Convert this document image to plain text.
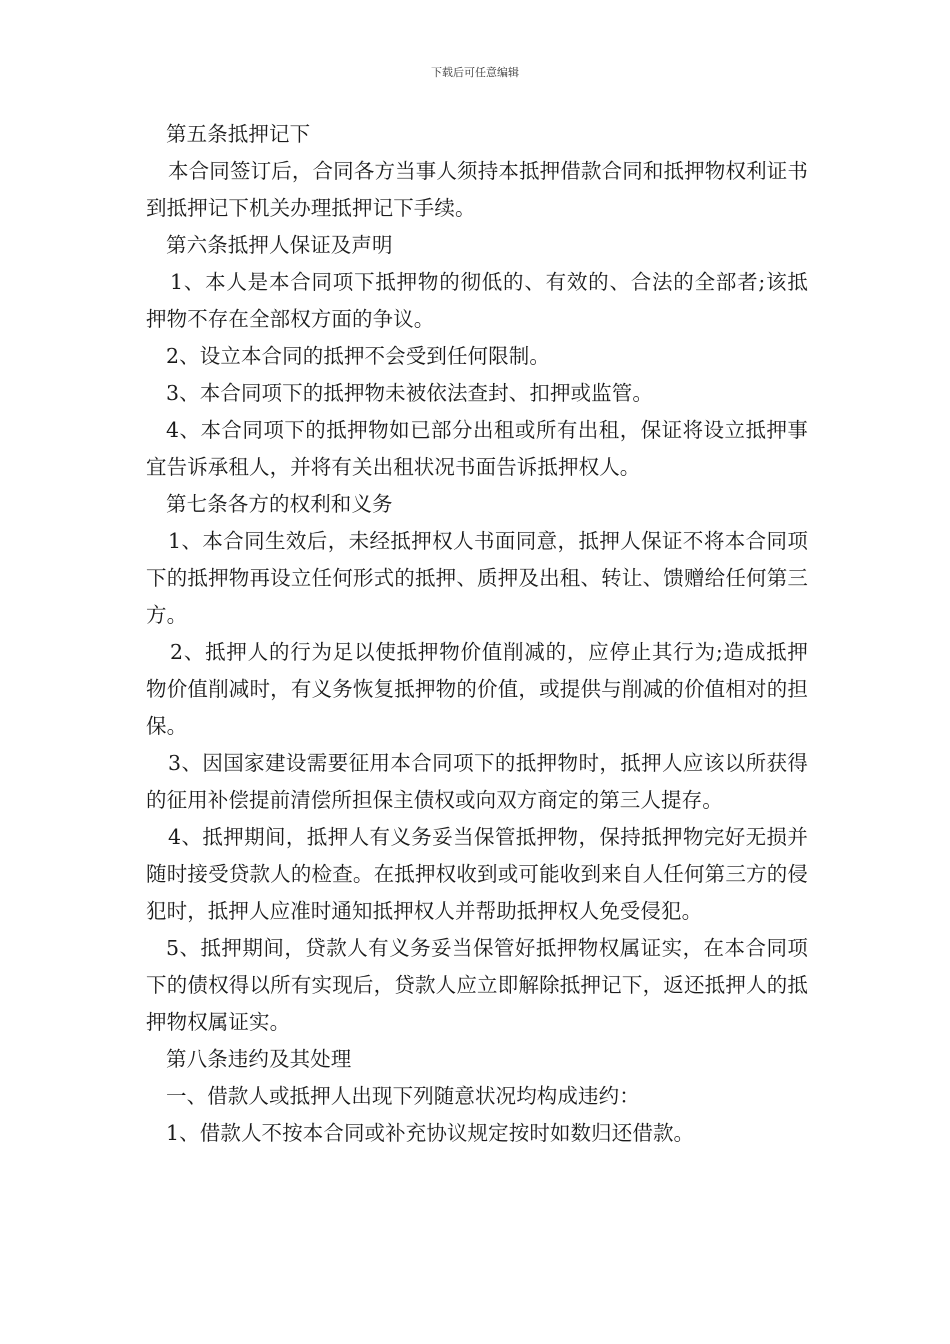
下载后可任意编辑

第五条抵押记下

本合同签订后，合同各方当事人须持本抵押借款合同和抵押物权利证书到抵押记下机关办理抵押记下手续。

第六条抵押人保证及声明

1、本人是本合同项下抵押物的彻低的、有效的、合法的全部者;该抵押物不存在全部权方面的争议。

2、设立本合同的抵押不会受到任何限制。

3、本合同项下的抵押物未被依法查封、扣押或监管。

4、本合同项下的抵押物如已部分出租或所有出租，保证将设立抵押事宜告诉承租人，并将有关出租状况书面告诉抵押权人。

第七条各方的权利和义务

1、本合同生效后，未经抵押权人书面同意，抵押人保证不将本合同项下的抵押物再设立任何形式的抵押、质押及出租、转让、馈赠给任何第三方。

2、抵押人的行为足以使抵押物价值削减的，应停止其行为;造成抵押物价值削减时，有义务恢复抵押物的价值，或提供与削减的价值相对的担保。

3、因国家建设需要征用本合同项下的抵押物时，抵押人应该以所获得的征用补偿提前清偿所担保主债权或向双方商定的第三人提存。

4、抵押期间，抵押人有义务妥当保管抵押物，保持抵押物完好无损并随时接受贷款人的检查。在抵押权收到或可能收到来自人任何第三方的侵犯时，抵押人应准时通知抵押权人并帮助抵押权人免受侵犯。

5、抵押期间，贷款人有义务妥当保管好抵押物权属证实，在本合同项下的债权得以所有实现后，贷款人应立即解除抵押记下，返还抵押人的抵押物权属证实。

第八条违约及其处理

一、借款人或抵押人出现下列随意状况均构成违约：

1、借款人不按本合同或补充协议规定按时如数归还借款。
